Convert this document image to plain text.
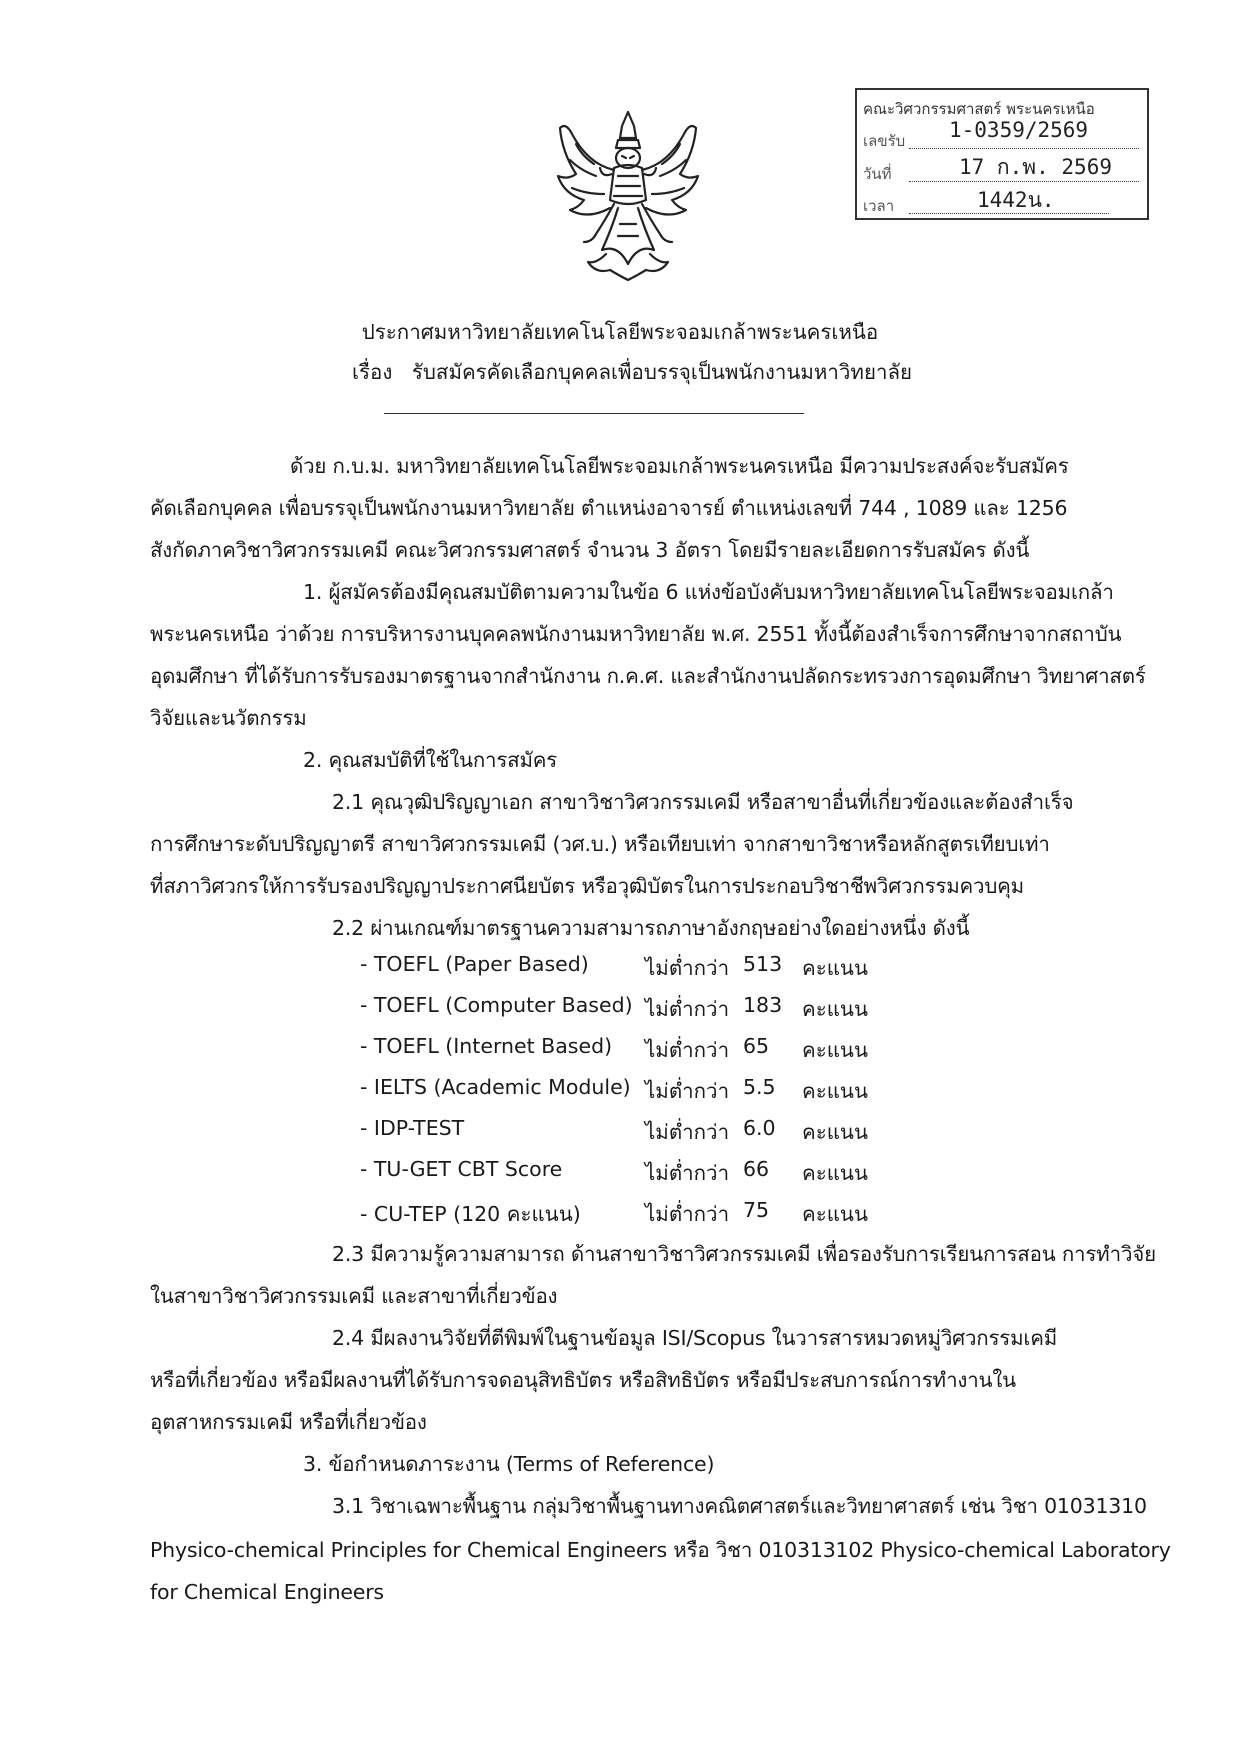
คณะวิศวกรรมศาสตร์ พระนครเหนือ
เลขรับ 1-0359/2569
วันที่	17 ก.พ. 2569
เวลา	1442น.
ประกาศมหาวิทยาลัยเทคโนโลยีพระจอมเกล้าพระนครเหนือ
เรื่อง รับสมัครคัดเลือกบุคคลเพื่อบรรจุเป็นพนักงานมหาวิทยาลัย
ด้วย ก.บ.ม. มหาวิทยาลัยเทคโนโลยีพระจอมเกล้าพระนครเหนือ มีความประสงค์จะรับสมัคร
คัดเลือกบุคคล เพื่อบรรจุเป็นพนักงานมหาวิทยาลัย ตำแหน่งอาจารย์ ตำแหน่งเลขที่ 744 , 1089 และ 1256
สังกัดภาควิชาวิศวกรรมเคมี คณะวิศวกรรมศาสตร์ จำนวน 3 อัตรา โดยมีรายละเอียดการรับสมัคร ดังนี้
1. ผู้สมัครต้องมีคุณสมบัติตามความในข้อ 6 แห่งข้อบังคับมหาวิทยาลัยเทคโนโลยีพระจอมเกล้า
พระนครเหนือ ว่าด้วย การบริหารงานบุคคลพนักงานมหาวิทยาลัย พ.ศ. 2551 ทั้งนี้ต้องสำเร็จการศึกษาจากสถาบัน
อุดมศึกษา ที่ได้รับการรับรองมาตรฐานจากสำนักงาน ก.ค.ศ. และสำนักงานปลัดกระทรวงการอุดมศึกษา วิทยาศาสตร์
วิจัยและนวัตกรรม
2. คุณสมบัติที่ใช้ในการสมัคร
2.1 คุณวุฒิปริญญาเอก สาขาวิชาวิศวกรรมเคมี หรือสาขาอื่นที่เกี่ยวข้องและต้องสำเร็จ
การศึกษาระดับปริญญาตรี สาขาวิศวกรรมเคมี (วศ.บ.) หรือเทียบเท่า จากสาขาวิชาหรือหลักสูตรเทียบเท่า
ที่สภาวิศวกรให้การรับรองปริญญาประกาศนียบัตร หรือวุฒิบัตรในการประกอบวิชาชีพวิศวกรรมควบคุม
2.2 ผ่านเกณฑ์มาตรฐานความสามารถภาษาอังกฤษอย่างใดอย่างหนึ่ง ดังนี้
- TOEFL (Paper Based)	ไม่ต่ำกว่า 513 คะแนน
- TOEFL (Computer Based) ไม่ต่ำกว่า 183 คะแนน
- TOEFL (Internet Based) ไม่ต่ำกว่า 65 คะแนน
- IELTS (Academic Module) ไม่ต่ำกว่า 5.5 คะแนน
- IDP-TEST	ไม่ต่ำกว่า 6.0 คะแนน
- TU-GET CBT Score	ไม่ต่ำกว่า 66 คะแนน
- CU-TEP (120 คะแนน)	ไม่ต่ำกว่า 75 คะแนน
2.3 มีความรู้ความสามารถ ด้านสาขาวิชาวิศวกรรมเคมี เพื่อรองรับการเรียนการสอน การทำวิจัย
ในสาขาวิชาวิศวกรรมเคมี และสาขาที่เกี่ยวข้อง
2.4 มีผลงานวิจัยที่ตีพิมพ์ในฐานข้อมูล ISI/Scopus ในวารสารหมวดหมู่วิศวกรรมเคมี
หรือที่เกี่ยวข้อง หรือมีผลงานที่ได้รับการจดอนุสิทธิบัตร หรือสิทธิบัตร หรือมีประสบการณ์การทำงานใน
อุตสาหกรรมเคมี หรือที่เกี่ยวข้อง
3. ข้อกำหนดภาระงาน (Terms of Reference)
3.1 วิชาเฉพาะพื้นฐาน กลุ่มวิชาพื้นฐานทางคณิตศาสตร์และวิทยาศาสตร์ เช่น วิชา 01031310
Physico-chemical Principles for Chemical Engineers หรือ วิชา 010313102 Physico-chemical Laboratory
for Chemical Engineers
